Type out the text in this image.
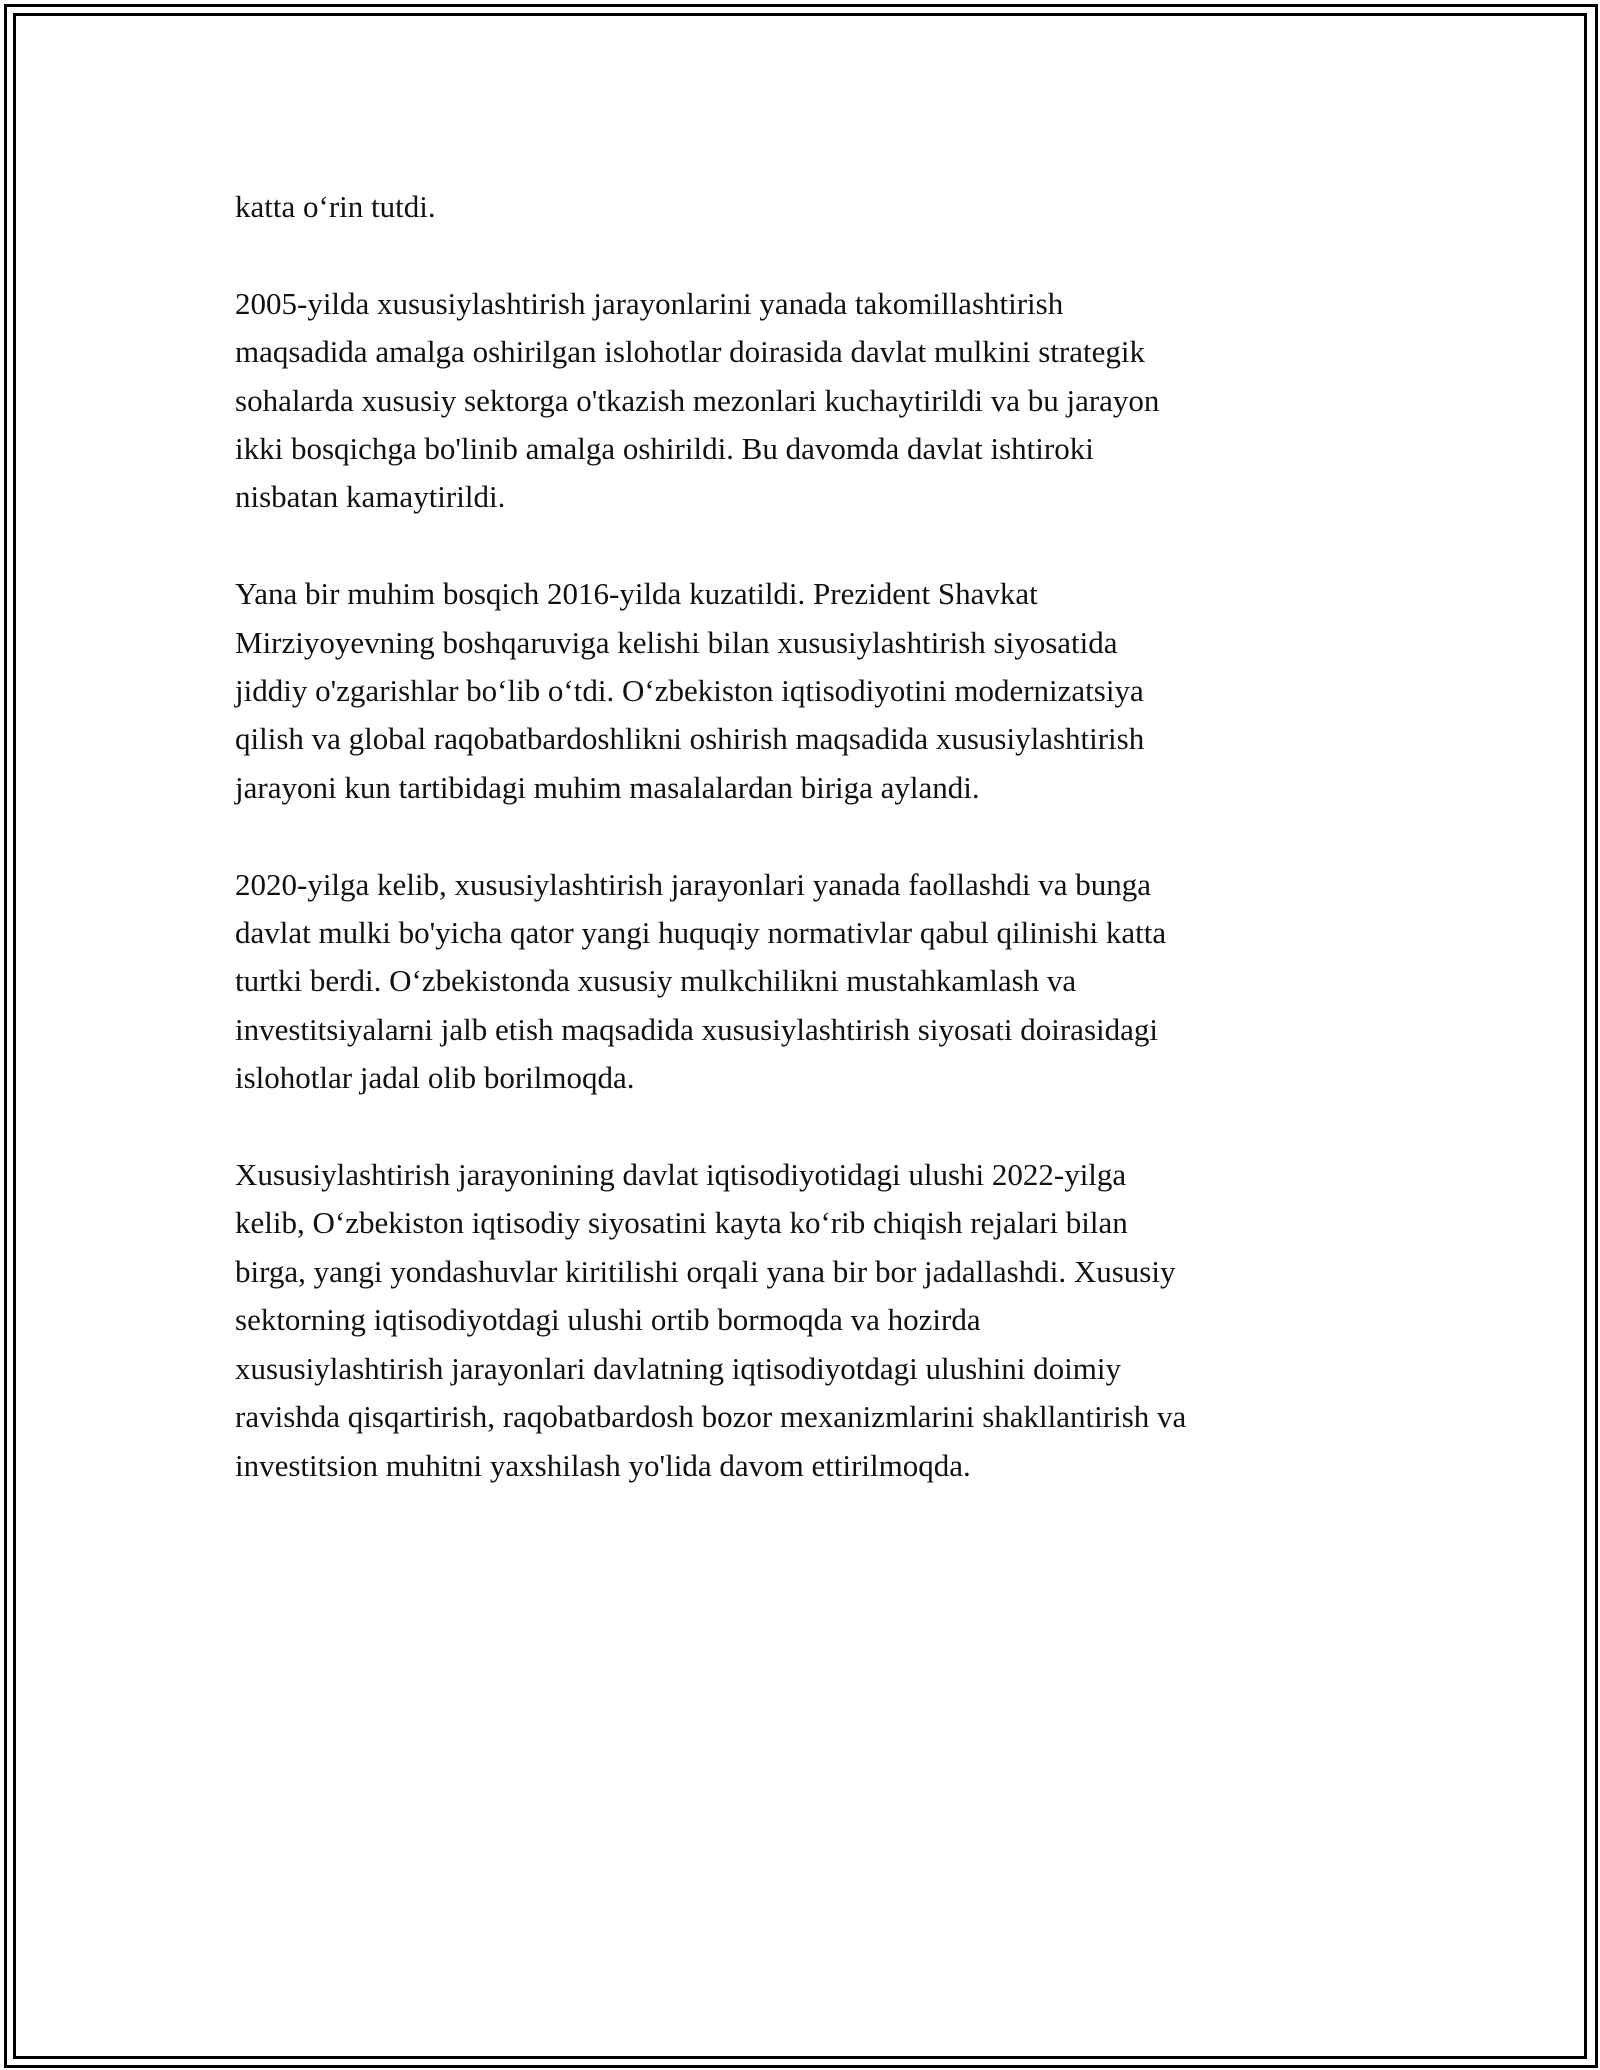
katta o‘rin tutdi.

2005-yilda xususiylashtirish jarayonlarini yanada takomillashtirish
maqsadida amalga oshirilgan islohotlar doirasida davlat mulkini strategik
sohalarda xususiy sektorga o'tkazish mezonlari kuchaytirildi va bu jarayon
ikki bosqichga bo'linib amalga oshirildi. Bu davomda davlat ishtiroki
nisbatan kamaytirildi.

Yana bir muhim bosqich 2016-yilda kuzatildi. Prezident Shavkat
Mirziyoyevning boshqaruviga kelishi bilan xususiylashtirish siyosatida
jiddiy o'zgarishlar bo‘lib o‘tdi. O‘zbekiston iqtisodiyotini modernizatsiya
qilish va global raqobatbardoshlikni oshirish maqsadida xususiylashtirish
jarayoni kun tartibidagi muhim masalalardan biriga aylandi.

2020-yilga kelib, xususiylashtirish jarayonlari yanada faollashdi va bunga
davlat mulki bo'yicha qator yangi huquqiy normativlar qabul qilinishi katta
turtki berdi. O‘zbekistonda xususiy mulkchilikni mustahkamlash va
investitsiyalarni jalb etish maqsadida xususiylashtirish siyosati doirasidagi
islohotlar jadal olib borilmoqda.

Xususiylashtirish jarayonining davlat iqtisodiyotidagi ulushi 2022-yilga
kelib, O‘zbekiston iqtisodiy siyosatini kayta ko‘rib chiqish rejalari bilan
birga, yangi yondashuvlar kiritilishi orqali yana bir bor jadallashdi. Xususiy
sektorning iqtisodiyotdagi ulushi ortib bormoqda va hozirda
xususiylashtirish jarayonlari davlatning iqtisodiyotdagi ulushini doimiy
ravishda qisqartirish, raqobatbardosh bozor mexanizmlarini shakllantirish va
investitsion muhitni yaxshilash yo'lida davom ettirilmoqda.
